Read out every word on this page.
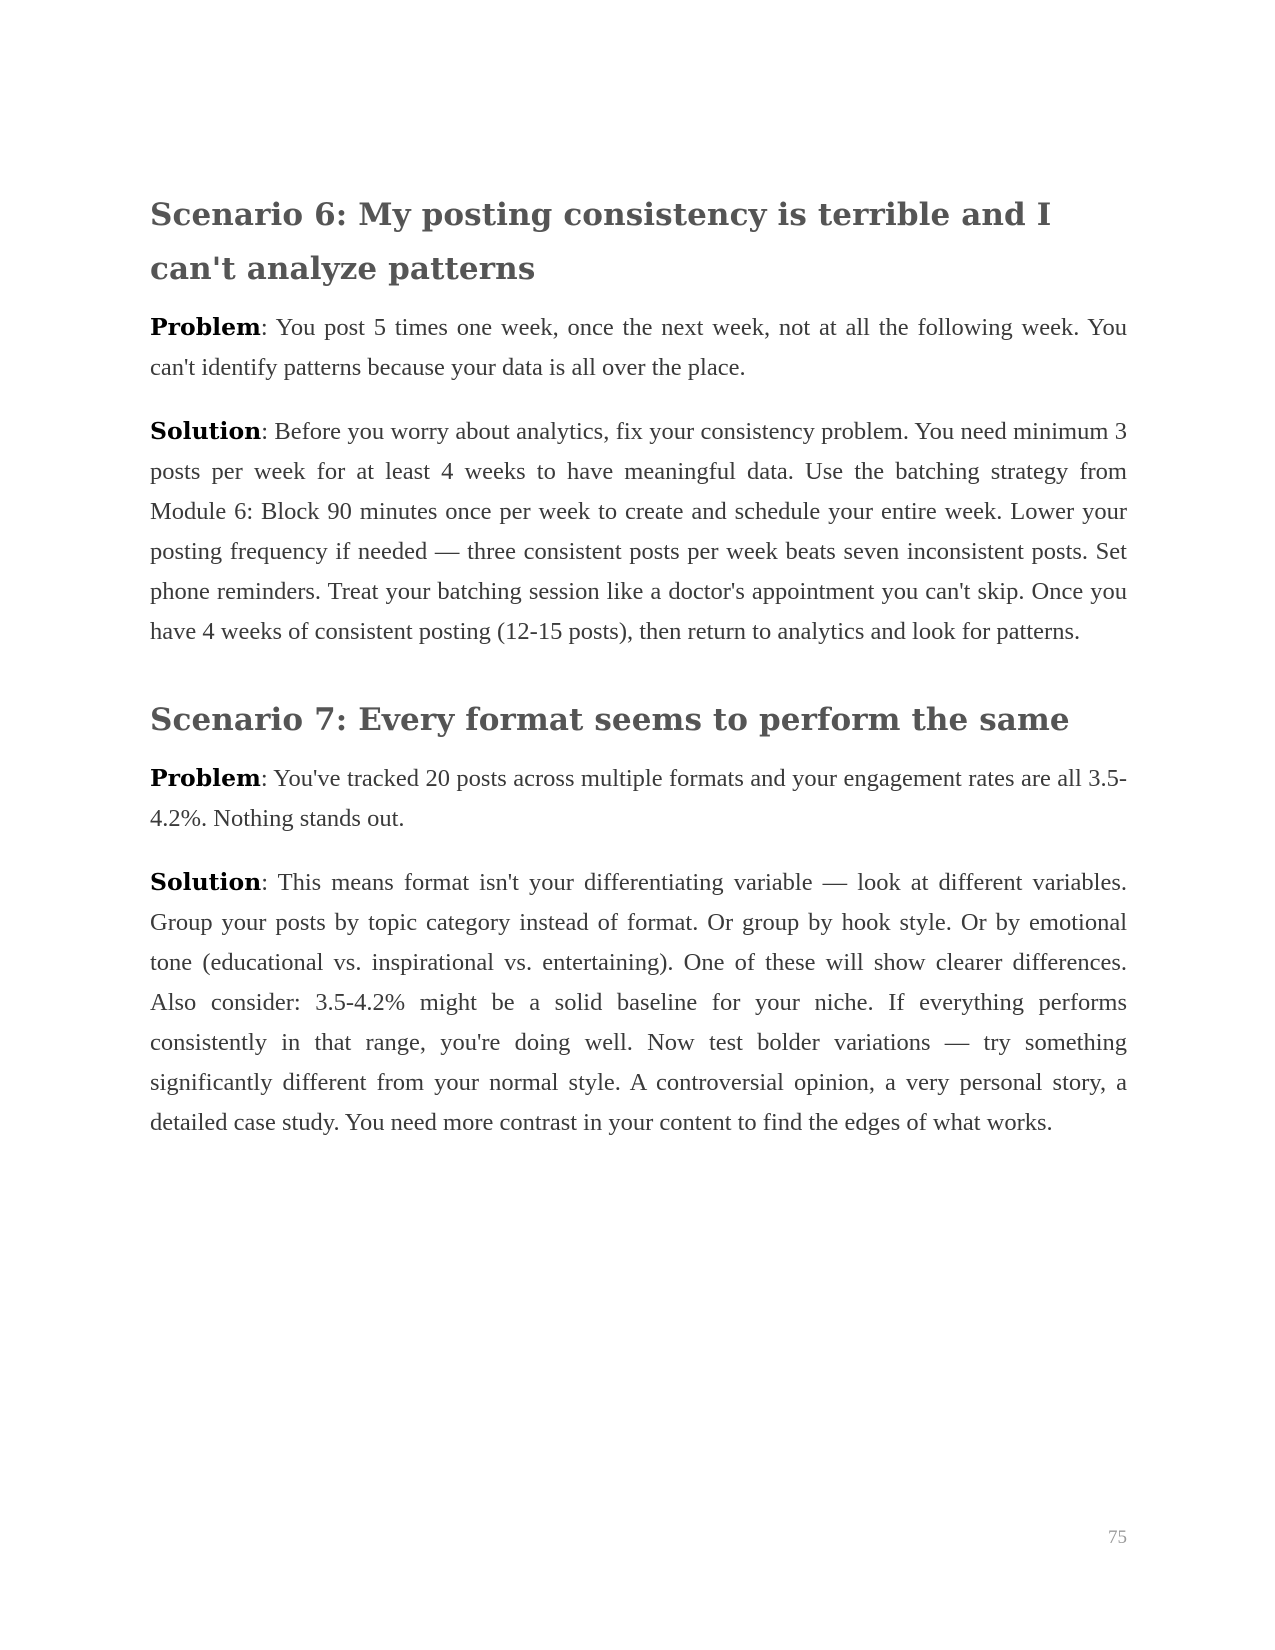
Scenario 6: My posting consistency is terrible and I can't analyze patterns

Problem: You post 5 times one week, once the next week, not at all the following week. You can't identify patterns because your data is all over the place.

Solution: Before you worry about analytics, fix your consistency problem. You need minimum 3 posts per week for at least 4 weeks to have meaningful data. Use the batching strategy from Module 6: Block 90 minutes once per week to create and schedule your entire week. Lower your posting frequency if needed — three consistent posts per week beats seven inconsistent posts. Set phone reminders. Treat your batching session like a doctor's appointment you can't skip. Once you have 4 weeks of consistent posting (12-15 posts), then return to analytics and look for patterns.

Scenario 7: Every format seems to perform the same

Problem: You've tracked 20 posts across multiple formats and your engagement rates are all 3.5-4.2%. Nothing stands out.

Solution: This means format isn't your differentiating variable — look at different variables. Group your posts by topic category instead of format. Or group by hook style. Or by emotional tone (educational vs. inspirational vs. entertaining). One of these will show clearer differences. Also consider: 3.5-4.2% might be a solid baseline for your niche. If everything performs consistently in that range, you're doing well. Now test bolder variations — try something significantly different from your normal style. A controversial opinion, a very personal story, a detailed case study. You need more contrast in your content to find the edges of what works.

75
